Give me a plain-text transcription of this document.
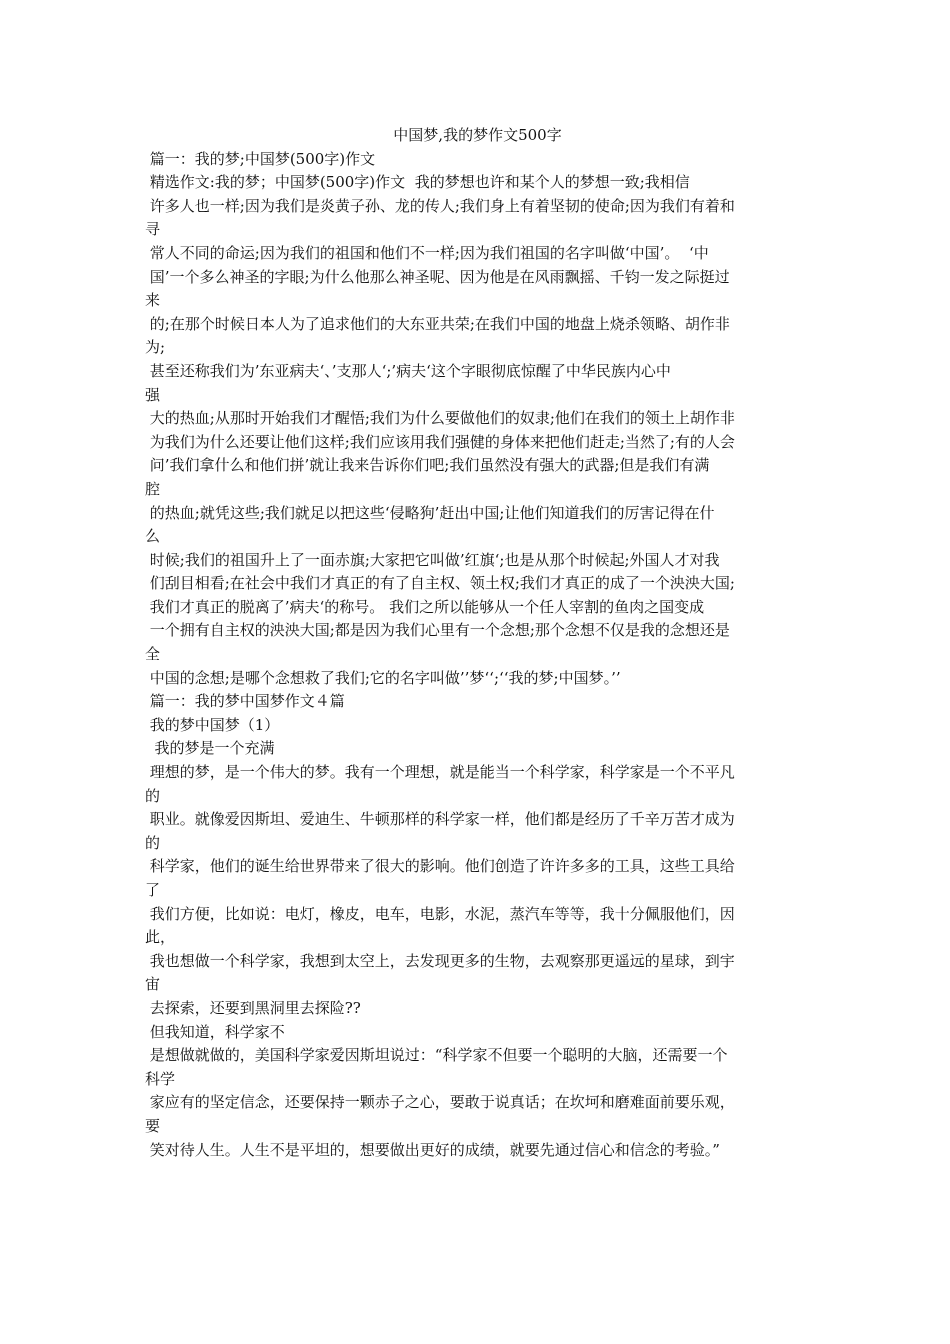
中国梦,我的梦作文500字
篇一：我的梦;中国梦(500字)作文
精选作文:我的梦；中国梦(500字)作文  我的梦想也许和某个人的梦想一致;我相信
许多人也一样;因为我们是炎黄子孙、龙的传人;我们身上有着坚韧的使命;因为我们有着和
寻
常人不同的命运;因为我们的祖国和他们不一样;因为我们祖国的名字叫做‘中国’。  ‘中
国’一个多么神圣的字眼;为什么他那么神圣呢、因为他是在风雨飘摇、千钧一发之际挺过
来
的;在那个时候日本人为了追求他们的大东亚共荣;在我们中国的地盘上烧杀领略、胡作非
为;
甚至还称我们为’东亚病夫‘、’支那人‘;’病夫‘这个字眼彻底惊醒了中华民族内心中
强
大的热血;从那时开始我们才醒悟;我们为什么要做他们的奴隶;他们在我们的领土上胡作非
为我们为什么还要让他们这样;我们应该用我们强健的身体来把他们赶走;当然了;有的人会
问’我们拿什么和他们拼’就让我来告诉你们吧;我们虽然没有强大的武器;但是我们有满
腔
的热血;就凭这些;我们就足以把这些‘侵略狗’赶出中国;让他们知道我们的厉害记得在什
么
时候;我们的祖国升上了一面赤旗;大家把它叫做’红旗‘;也是从那个时候起;外国人才对我
们刮目相看;在社会中我们才真正的有了自主权、领土权;我们才真正的成了一个泱泱大国;
我们才真正的脱离了’病夫‘的称号。 我们之所以能够从一个任人宰割的鱼肉之国变成
一个拥有自主权的泱泱大国;都是因为我们心里有一个念想;那个念想不仅是我的念想还是
全
中国的念想;是哪个念想救了我们;它的名字叫做’’梦‘‘;‘‘我的梦;中国梦。’’
篇一：我的梦中国梦作文４篇
我的梦中国梦（1）
我的梦是一个充满
理想的梦，是一个伟大的梦。我有一个理想，就是能当一个科学家，科学家是一个不平凡
的
职业。就像爱因斯坦、爱迪生、牛顿那样的科学家一样，他们都是经历了千辛万苦才成为
的
科学家，他们的诞生给世界带来了很大的影响。他们创造了许许多多的工具，这些工具给
了
我们方便，比如说：电灯，橡皮，电车，电影，水泥，蒸汽车等等，我十分佩服他们，因
此，
我也想做一个科学家，我想到太空上，去发现更多的生物，去观察那更遥远的星球，到宇
宙
去探索，还要到黑洞里去探险??
但我知道，科学家不
是想做就做的，美国科学家爱因斯坦说过：“科学家不但要一个聪明的大脑，还需要一个
科学
家应有的坚定信念，还要保持一颗赤子之心，要敢于说真话；在坎坷和磨难面前要乐观，
要
笑对待人生。人生不是平坦的，想要做出更好的成绩，就要先通过信心和信念的考验。”
